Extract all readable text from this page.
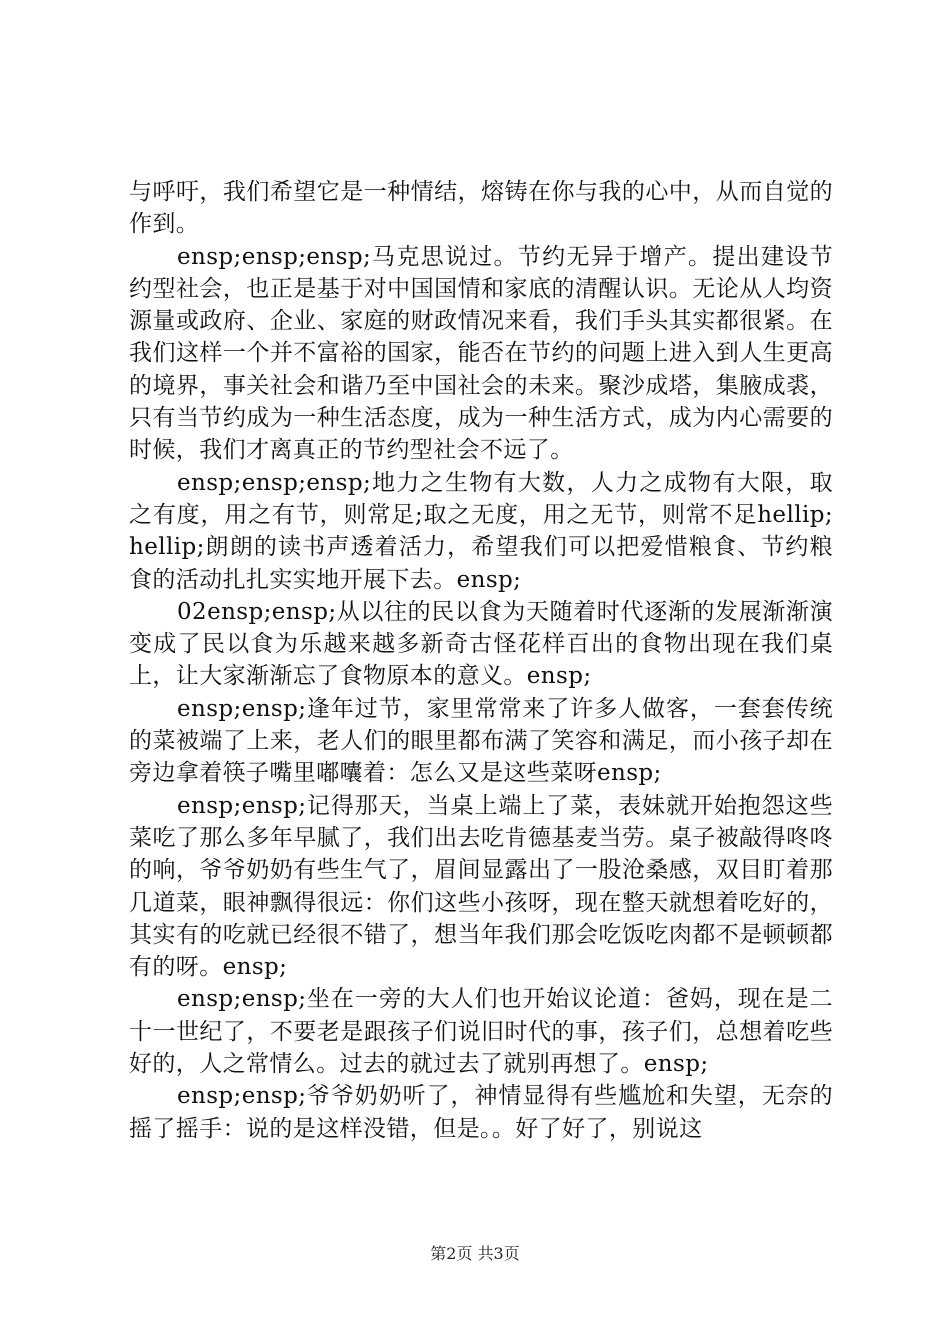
与呼吁，我们希望它是一种情结，熔铸在你与我的心中，从而自觉的作到。

ensp;ensp;ensp;马克思说过。节约无异于增产。提出建设节约型社会，也正是基于对中国国情和家底的清醒认识。无论从人均资源量或政府、企业、家庭的财政情况来看，我们手头其实都很紧。在我们这样一个并不富裕的国家，能否在节约的问题上进入到人生更高的境界，事关社会和谐乃至中国社会的未来。聚沙成塔，集腋成裘，只有当节约成为一种生活态度，成为一种生活方式，成为内心需要的时候，我们才离真正的节约型社会不远了。

ensp;ensp;ensp;地力之生物有大数，人力之成物有大限，取之有度，用之有节，则常足;取之无度，用之无节，则常不足hellip;hellip;朗朗的读书声透着活力，希望我们可以把爱惜粮食、节约粮食的活动扎扎实实地开展下去。ensp;

02ensp;ensp;从以往的民以食为天随着时代逐渐的发展渐渐演变成了民以食为乐越来越多新奇古怪花样百出的食物出现在我们桌上，让大家渐渐忘了食物原本的意义。ensp;

ensp;ensp;逢年过节，家里常常来了许多人做客，一套套传统的菜被端了上来，老人们的眼里都布满了笑容和满足，而小孩子却在旁边拿着筷子嘴里嘟囔着：怎么又是这些菜呀ensp;

ensp;ensp;记得那天，当桌上端上了菜，表妹就开始抱怨这些菜吃了那么多年早腻了，我们出去吃肯德基麦当劳。桌子被敲得咚咚的响，爷爷奶奶有些生气了，眉间显露出了一股沧桑感，双目盯着那几道菜，眼神飘得很远：你们这些小孩呀，现在整天就想着吃好的，其实有的吃就已经很不错了，想当年我们那会吃饭吃肉都不是顿顿都有的呀。ensp;

ensp;ensp;坐在一旁的大人们也开始议论道：爸妈，现在是二十一世纪了，不要老是跟孩子们说旧时代的事，孩子们，总想着吃些好的，人之常情么。过去的就过去了就别再想了。ensp;

ensp;ensp;爷爷奶奶听了，神情显得有些尴尬和失望，无奈的摇了摇手：说的是这样没错，但是。。好了好了，别说这

第2页 共3页
